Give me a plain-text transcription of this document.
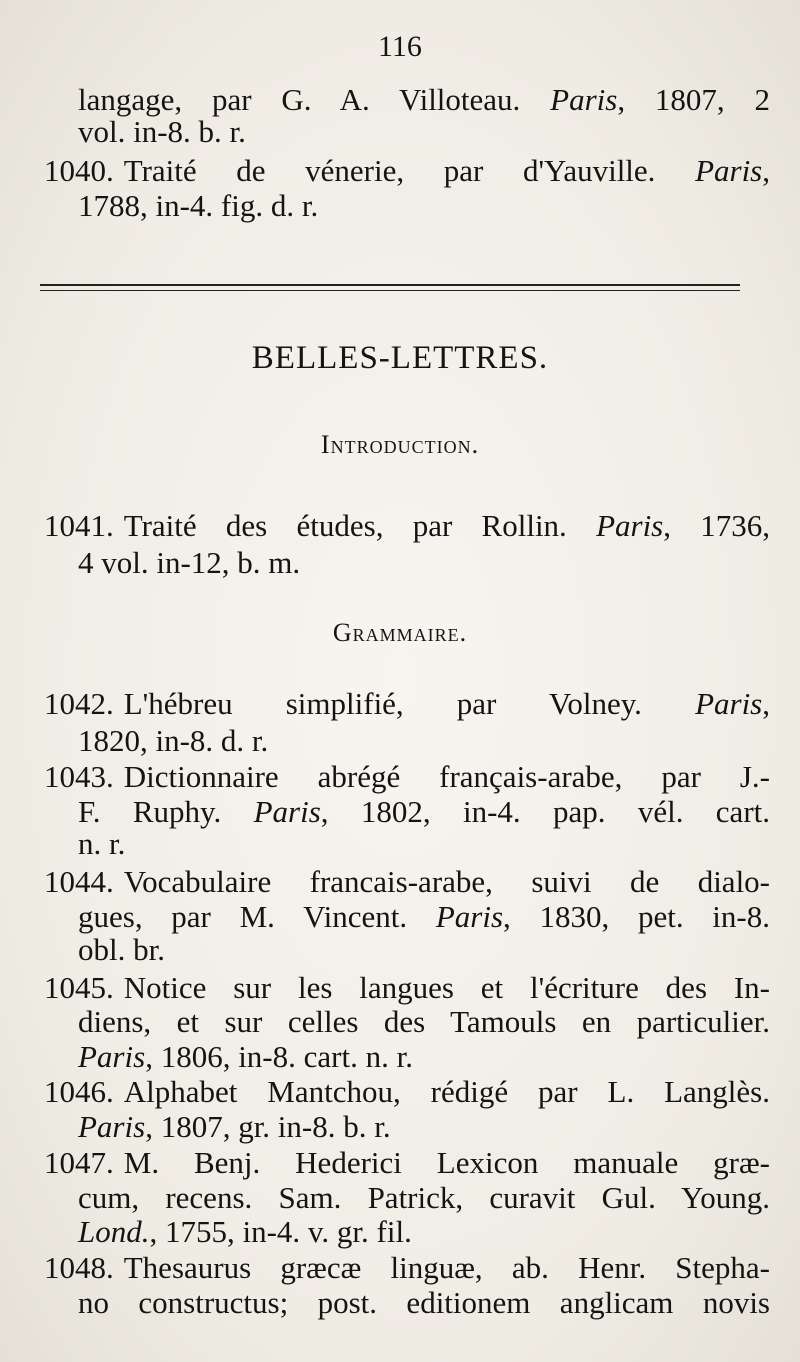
116
langage, par G. A. Villoteau. Paris, 1807, 2
vol. in-8. b. r.
1040. Traité de vénerie, par d'Yauville. Paris,
1788, in-4. fig. d. r.
BELLES-LETTRES.
Introduction.
1041. Traité des études, par Rollin. Paris, 1736,
4 vol. in-12, b. m.
Grammaire.
1042. L'hébreu simplifié, par Volney. Paris,
1820, in-8. d. r.
1043. Dictionnaire abrégé français-arabe, par J.-
F. Ruphy. Paris, 1802, in-4. pap. vél. cart.
n. r.
1044. Vocabulaire francais-arabe, suivi de dialo-
gues, par M. Vincent. Paris, 1830, pet. in-8.
obl. br.
1045. Notice sur les langues et l'écriture des In-
diens, et sur celles des Tamouls en particulier.
Paris, 1806, in-8. cart. n. r.
1046. Alphabet Mantchou, rédigé par L. Langlès.
Paris, 1807, gr. in-8. b. r.
1047. M. Benj. Hederici Lexicon manuale græ-
cum, recens. Sam. Patrick, curavit Gul. Young.
Lond., 1755, in-4. v. gr. fil.
1048. Thesaurus græcæ linguæ, ab. Henr. Stepha-
no constructus; post. editionem anglicam novis
